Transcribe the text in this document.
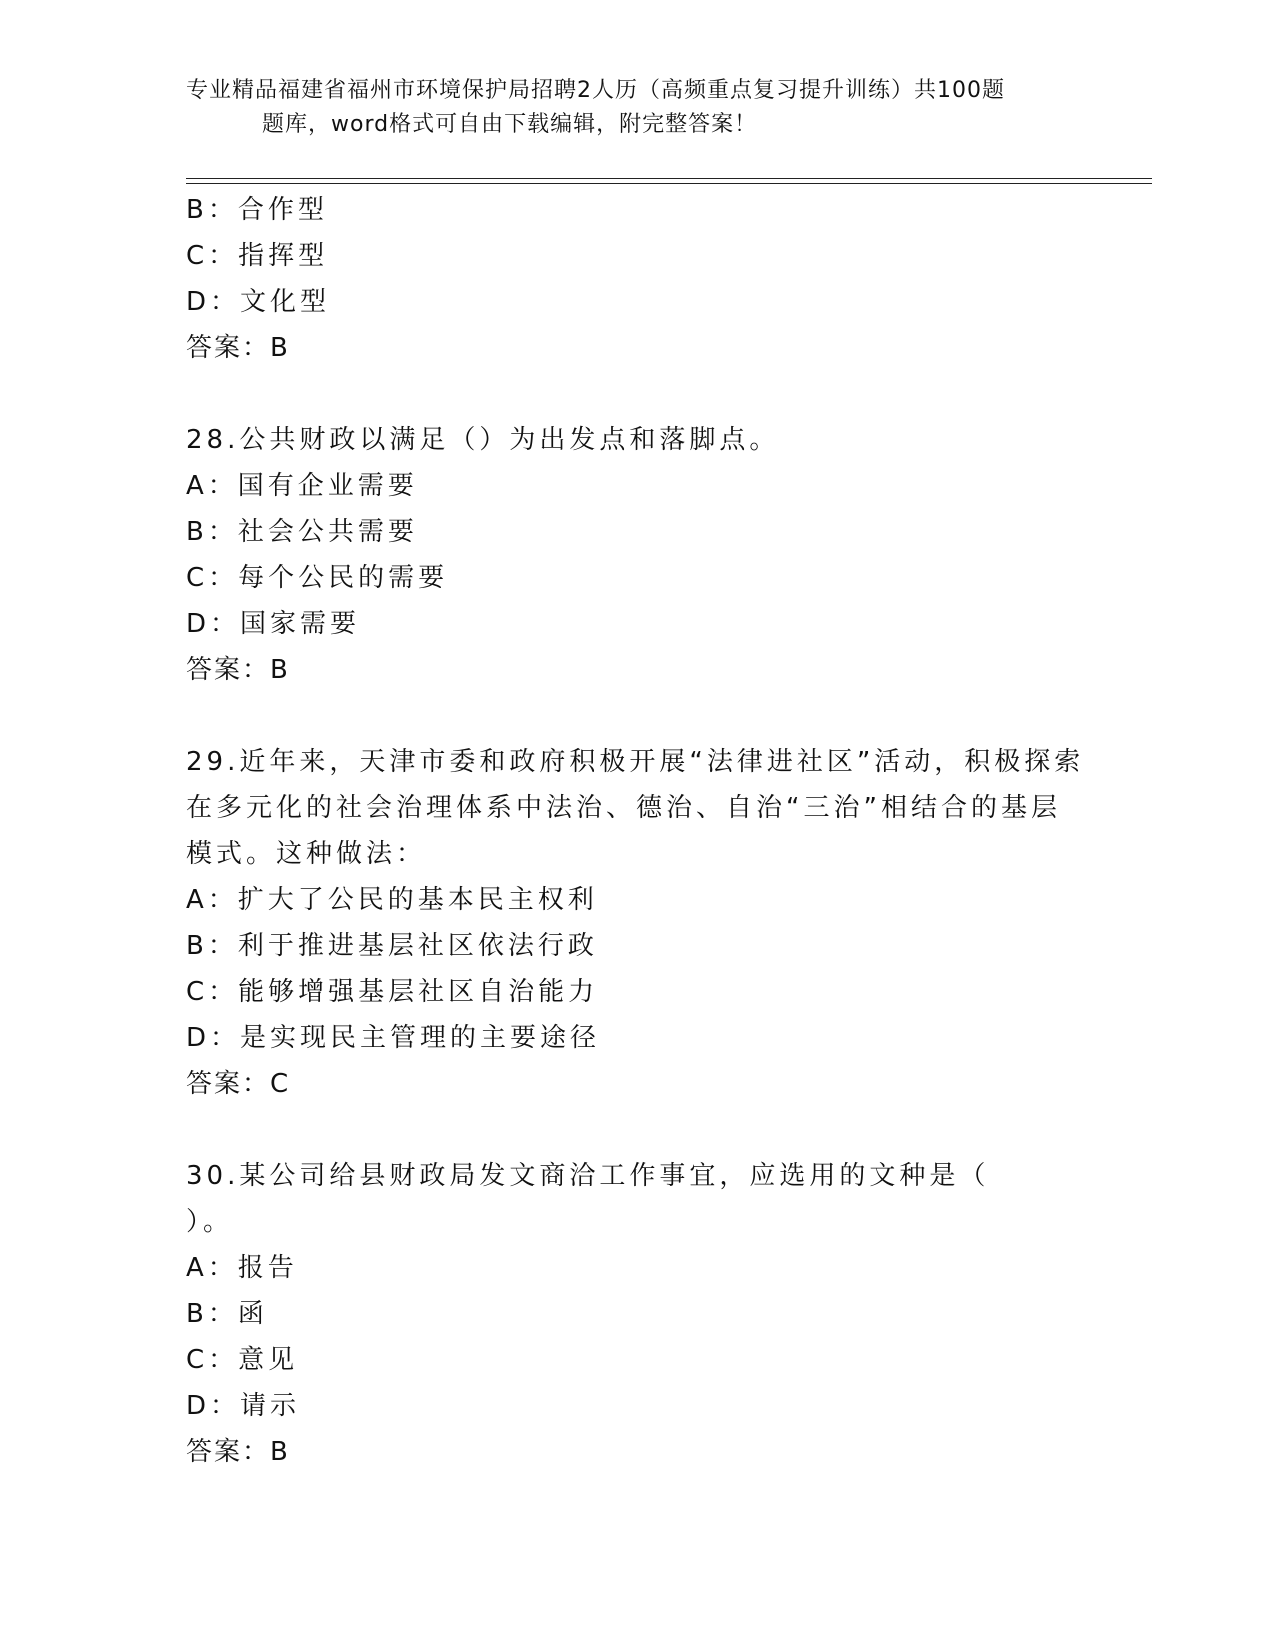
专业精品福建省福州市环境保护局招聘2人历（高频重点复习提升训练）共100题
题库，word格式可自由下载编辑，附完整答案！
B：合作型
C：指挥型
D：文化型
答案：B
28.公共财政以满足（）为出发点和落脚点。
A：国有企业需要
B：社会公共需要
C：每个公民的需要
D：国家需要
答案：B
29.近年来，天津市委和政府积极开展“法律进社区”活动，积极探索在多元化的社会治理体系中法治、德治、自治“三治”相结合的基层模式。这种做法：
A：扩大了公民的基本民主权利
B：利于推进基层社区依法行政
C：能够增强基层社区自治能力
D：是实现民主管理的主要途径
答案：C
30.某公司给县财政局发文商洽工作事宜，应选用的文种是（　　）。
A：报告
B：函
C：意见
D：请示
答案：B
